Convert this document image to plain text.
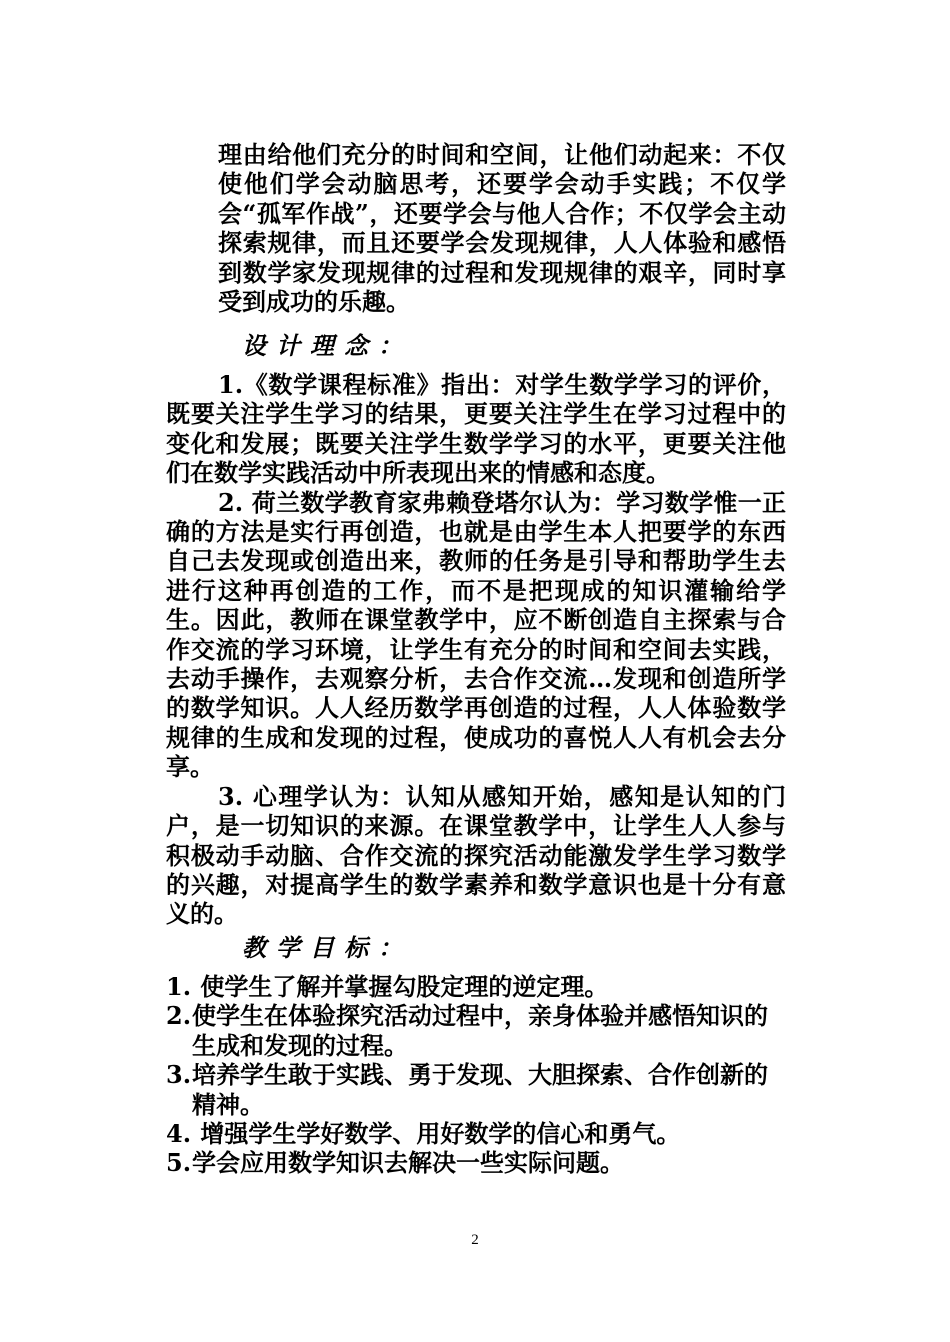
理由给他们充分的时间和空间，让他们动起来：不仅使他们学会动脑思考，还要学会动手实践；不仅学会“孤军作战”，还要学会与他人合作；不仅学会主动探索规律，而且还要学会发现规律，人人体验和感悟到数学家发现规律的过程和发现规律的艰辛，同时享受到成功的乐趣。

设计理念：

1.《数学课程标准》指出：对学生数学学习的评价，既要关注学生学习的结果，更要关注学生在学习过程中的变化和发展；既要关注学生数学学习的水平，更要关注他们在数学实践活动中所表现出来的情感和态度。

2. 荷兰数学教育家弗赖登塔尔认为：学习数学惟一正确的方法是实行再创造，也就是由学生本人把要学的东西自己去发现或创造出来，教师的任务是引导和帮助学生去进行这种再创造的工作，而不是把现成的知识灌输给学生。因此，教师在课堂教学中，应不断创造自主探索与合作交流的学习环境，让学生有充分的时间和空间去实践，去动手操作，去观察分析，去合作交流…发现和创造所学的数学知识。人人经历数学再创造的过程，人人体验数学规律的生成和发现的过程，使成功的喜悦人人有机会去分享。

3. 心理学认为：认知从感知开始，感知是认知的门户，是一切知识的来源。在课堂教学中，让学生人人参与积极动手动脑、合作交流的探究活动能激发学生学习数学的兴趣，对提高学生的数学素养和数学意识也是十分有意义的。

教学目标：

1. 使学生了解并掌握勾股定理的逆定理。
2.使学生在体验探究活动过程中，亲身体验并感悟知识的生成和发现的过程。
3.培养学生敢于实践、勇于发现、大胆探索、合作创新的精神。
4. 增强学生学好数学、用好数学的信心和勇气。
5.学会应用数学知识去解决一些实际问题。
2
